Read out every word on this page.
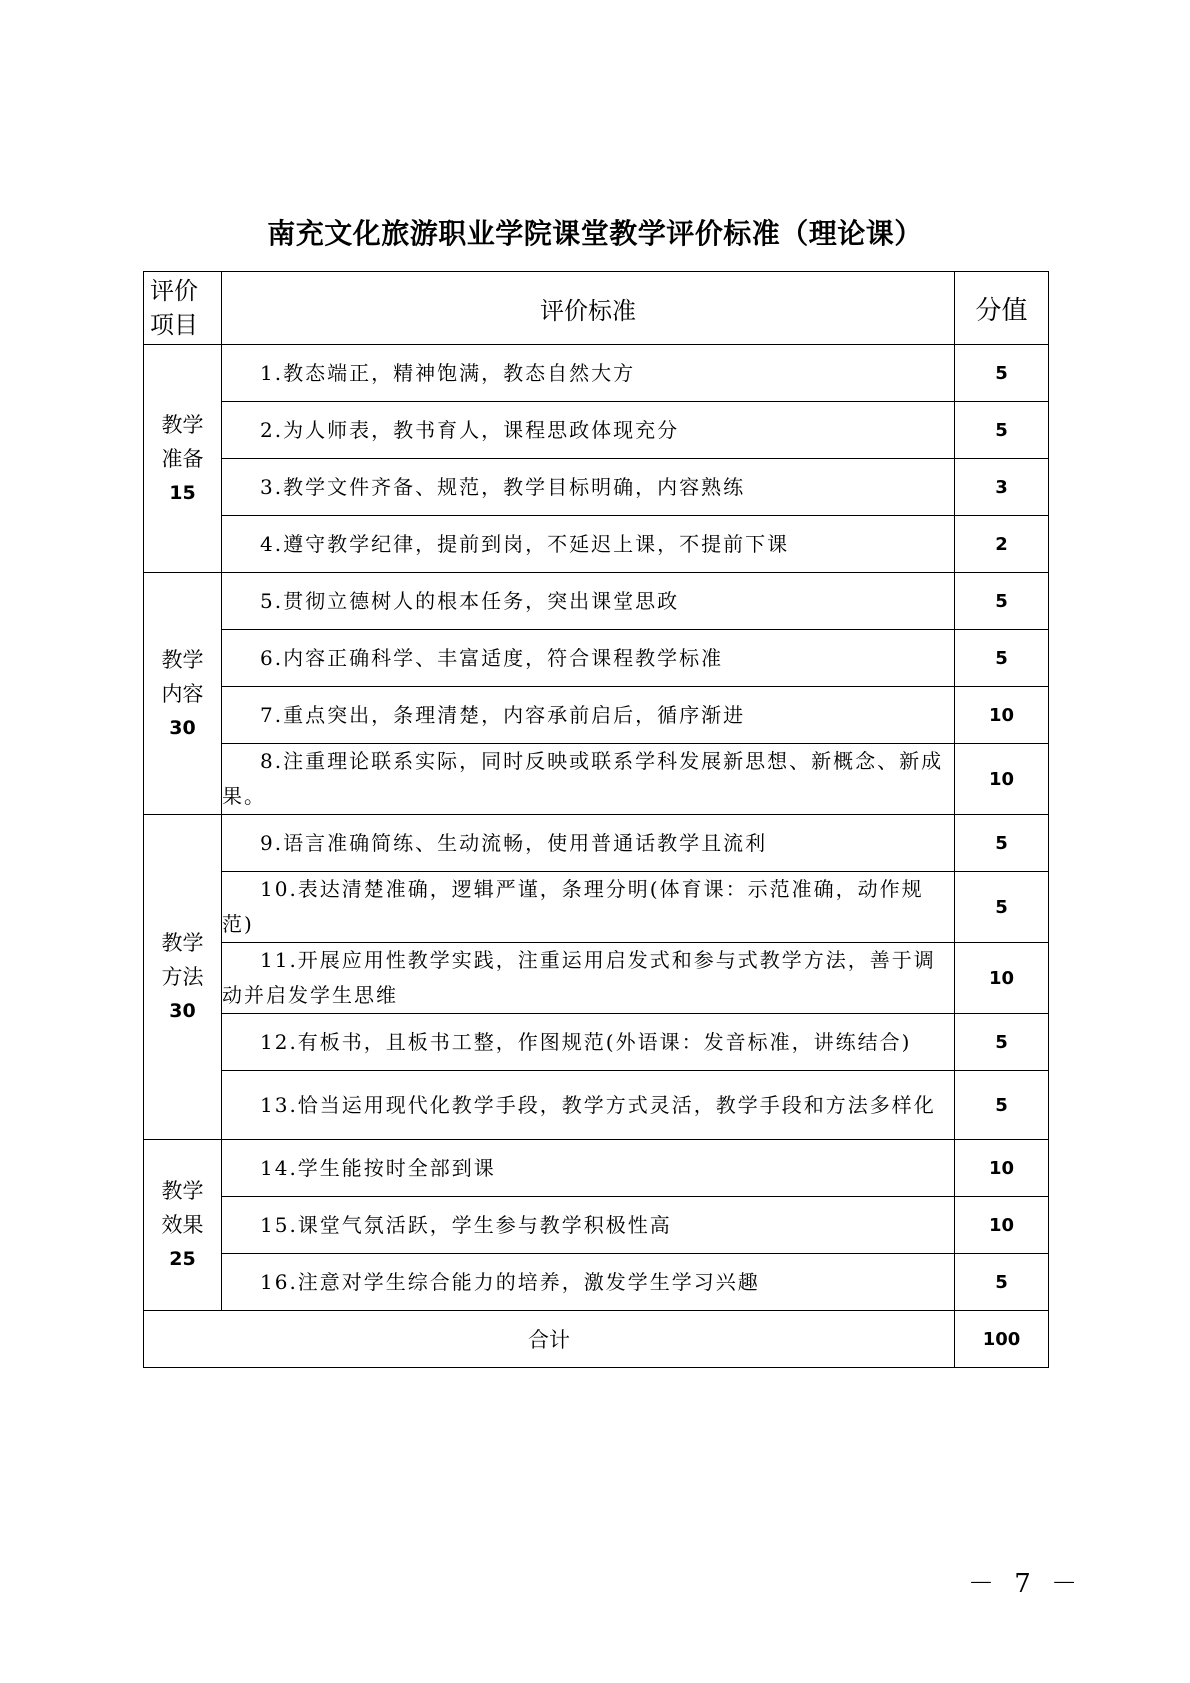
南充文化旅游职业学院课堂教学评价标准（理论课）
评价
项目	评价标准	分值
教学
准备
15	1.教态端正，精神饱满，教态自然大方	5
	2.为人师表，教书育人，课程思政体现充分	5
	3.教学文件齐备、规范，教学目标明确，内容熟练	3
	4.遵守教学纪律，提前到岗，不延迟上课，不提前下课	2
教学
内容
30	5.贯彻立德树人的根本任务，突出课堂思政	5
	6.内容正确科学、丰富适度，符合课程教学标准	5
	7.重点突出，条理清楚，内容承前启后，循序渐进	10
	8.注重理论联系实际，同时反映或联系学科发展新思想、新概念、新成果。	10
教学
方法
30	9.语言准确简练、生动流畅，使用普通话教学且流利	5
	10.表达清楚准确，逻辑严谨，条理分明(体育课：示范准确，动作规范)	5
	11.开展应用性教学实践，注重运用启发式和参与式教学方法，善于调动并启发学生思维	10
	12.有板书，且板书工整，作图规范(外语课：发音标准，讲练结合)	5
	13.恰当运用现代化教学手段，教学方式灵活，教学手段和方法多样化	5
教学
效果
25	14.学生能按时全部到课	10
	15.课堂气氛活跃，学生参与教学积极性高	10
	16.注意对学生综合能力的培养，激发学生学习兴趣	5
合计		100
－ 7 －
